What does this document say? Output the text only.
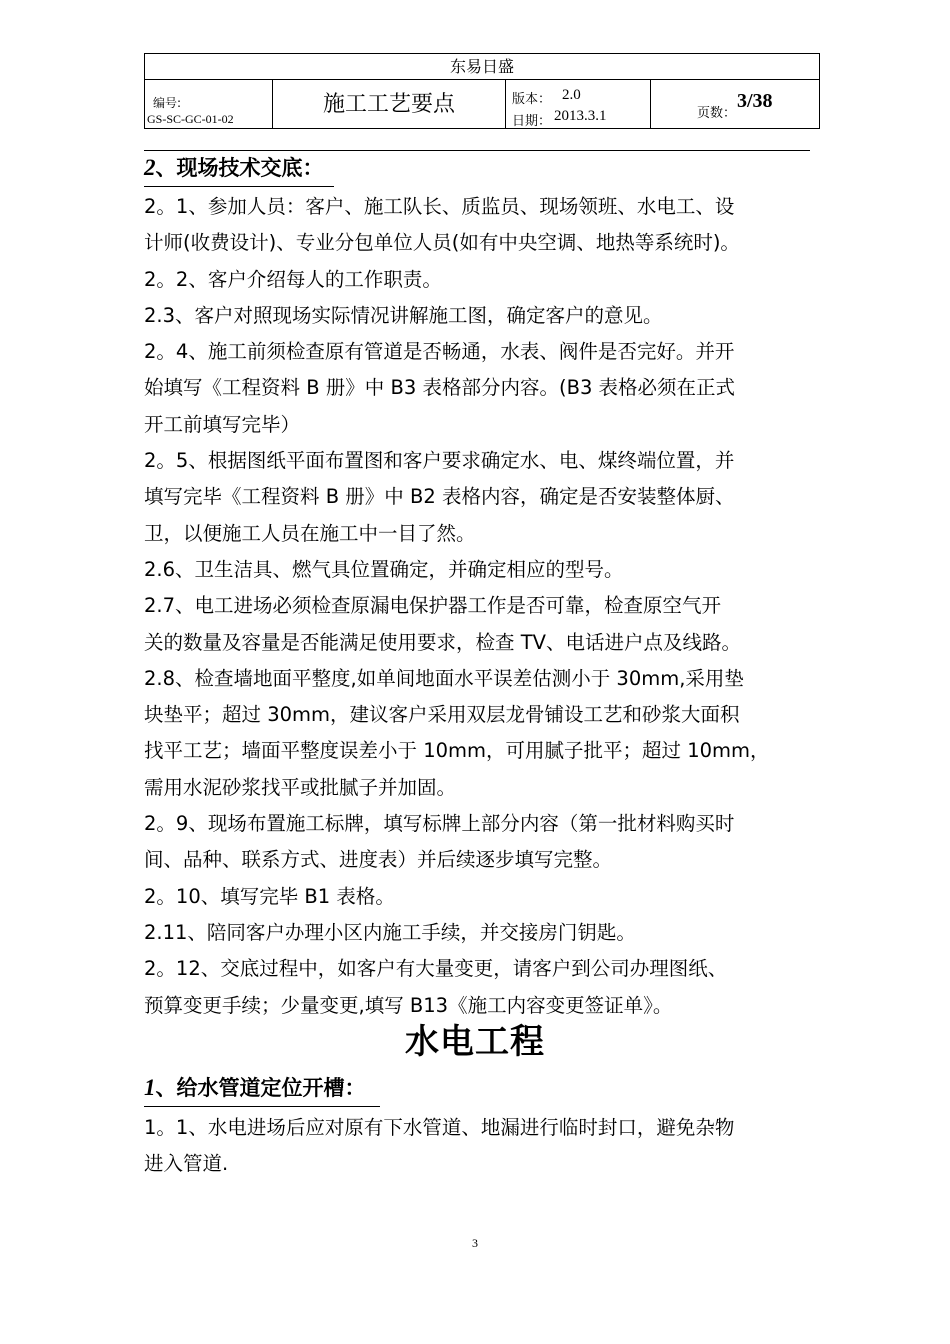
东易日盛
编号:
GS-SC-GC-01-02
施工工艺要点	版本： 2.0
日期： 2013.3.1	页数：
3/38
2、现场技术交底：
2。1、参加人员：客户、施工队长、质监员、现场领班、水电工、设
计师(收费设计)、专业分包单位人员(如有中央空调、地热等系统时)。
2。2、客户介绍每人的工作职责。
2.3、客户对照现场实际情况讲解施工图，确定客户的意见。
2。4、施工前须检查原有管道是否畅通，水表、阀件是否完好。并开
始填写《工程资料 B 册》中 B3 表格部分内容。(B3 表格必须在正式
开工前填写完毕）
2。5、根据图纸平面布置图和客户要求确定水、电、煤终端位置，并
填写完毕《工程资料 B 册》中 B2 表格内容，确定是否安装整体厨、
卫，以便施工人员在施工中一目了然。
2.6、卫生洁具、燃气具位置确定，并确定相应的型号。
2.7、电工进场必须检查原漏电保护器工作是否可靠，检查原空气开
关的数量及容量是否能满足使用要求，检查 TV、电话进户点及线路。
2.8、检查墙地面平整度,如单间地面水平误差估测小于 30mm,采用垫
块垫平；超过 30mm，建议客户采用双层龙骨铺设工艺和砂浆大面积
找平工艺；墙面平整度误差小于 10mm，可用腻子批平；超过 10mm，
需用水泥砂浆找平或批腻子并加固。
2。9、现场布置施工标牌，填写标牌上部分内容（第一批材料购买时
间、品种、联系方式、进度表）并后续逐步填写完整。
2。10、填写完毕 B1 表格。
2.11、陪同客户办理小区内施工手续，并交接房门钥匙。
2。12、交底过程中，如客户有大量变更，请客户到公司办理图纸、
预算变更手续；少量变更,填写 B13《施工内容变更签证单》。
水电工程
1、给水管道定位开槽：
1。1、水电进场后应对原有下水管道、地漏进行临时封口，避免杂物
进入管道.
3
